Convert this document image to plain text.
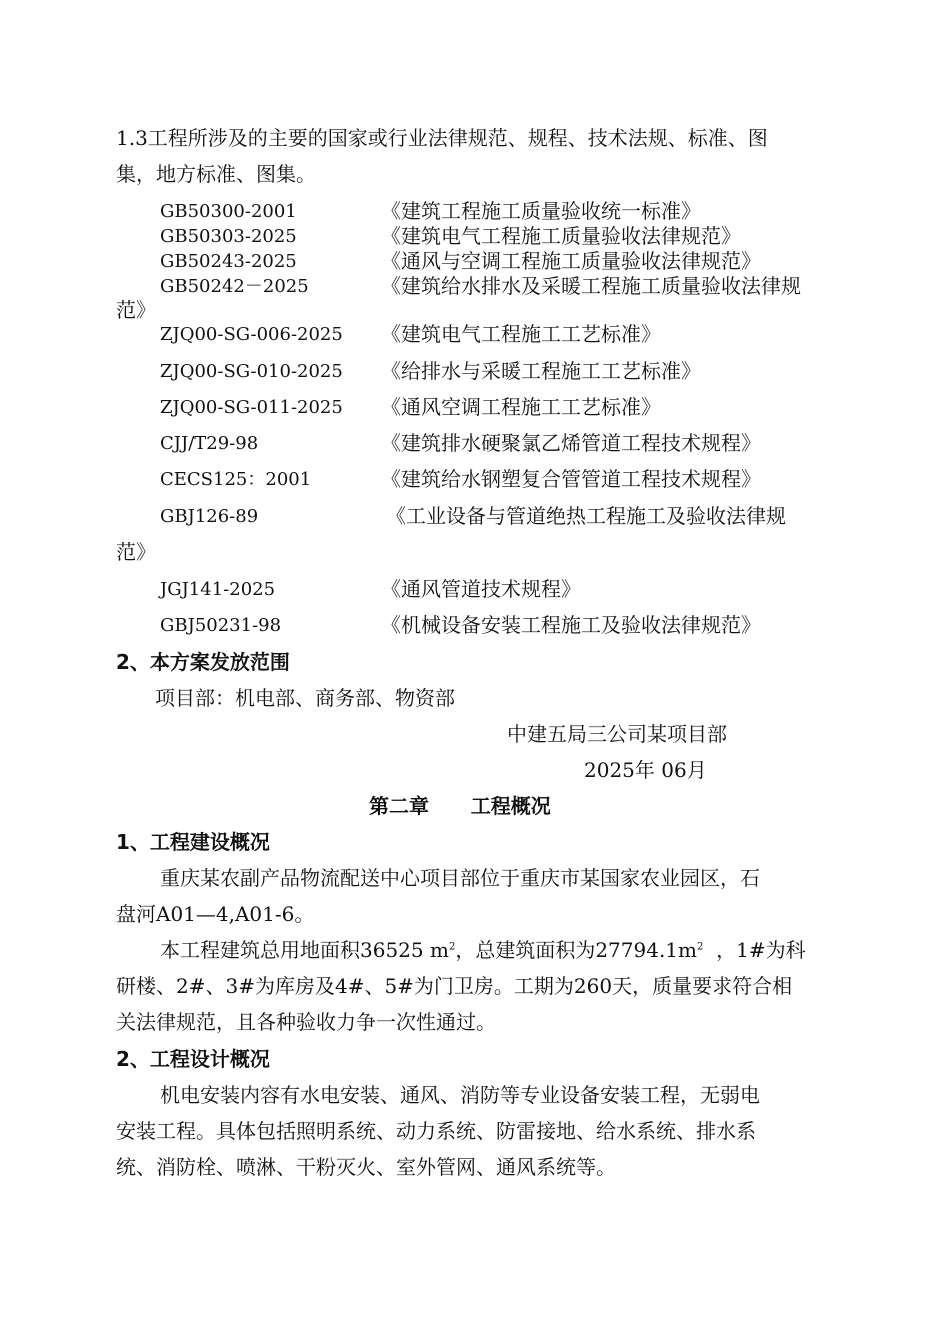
1.3工程所涉及的主要的国家或行业法律规范、规程、技术法规、标准、图
集，地方标准、图集。
GB50300-2001	《建筑工程施工质量验收统一标准》
GB50303-2025	《建筑电气工程施工质量验收法律规范》
GB50243-2025	《通风与空调工程施工质量验收法律规范》
GB50242－2025	《建筑给水排水及采暖工程施工质量验收法律规
范》
ZJQ00-SG-006-2025 《建筑电气工程施工工艺标准》
ZJQ00-SG-010-2025 《给排水与采暖工程施工工艺标准》
ZJQ00-SG-011-2025 《通风空调工程施工工艺标准》
CJJ/T29-98	《建筑排水硬聚氯乙烯管道工程技术规程》
CECS125：2001	《建筑给水钢塑复合管管道工程技术规程》
GBJ126-89	《工业设备与管道绝热工程施工及验收法律规
范》
JGJ141-2025	《通风管道技术规程》
GBJ50231-98	《机械设备安装工程施工及验收法律规范》
2、本方案发放范围
项目部：机电部、商务部、物资部
中建五局三公司某项目部
2025年 06月
第二章      工程概况
1、工程建设概况
重庆某农副产品物流配送中心项目部位于重庆市某国家农业园区，石
盘河A01—4,A01-6。
本工程建筑总用地面积36525 $m^2$，总建筑面积为$27794.1m^2$  ，1#为科
研楼、2#、3#为库房及4#、5#为门卫房。工期为260天，质量要求符合相
关法律规范，且各种验收力争一次性通过。
2、工程设计概况
机电安装内容有水电安装、通风、消防等专业设备安装工程，无弱电
安装工程。具体包括照明系统、动力系统、防雷接地、给水系统、排水系
统、消防栓、喷淋、干粉灭火、室外管网、通风系统等。
